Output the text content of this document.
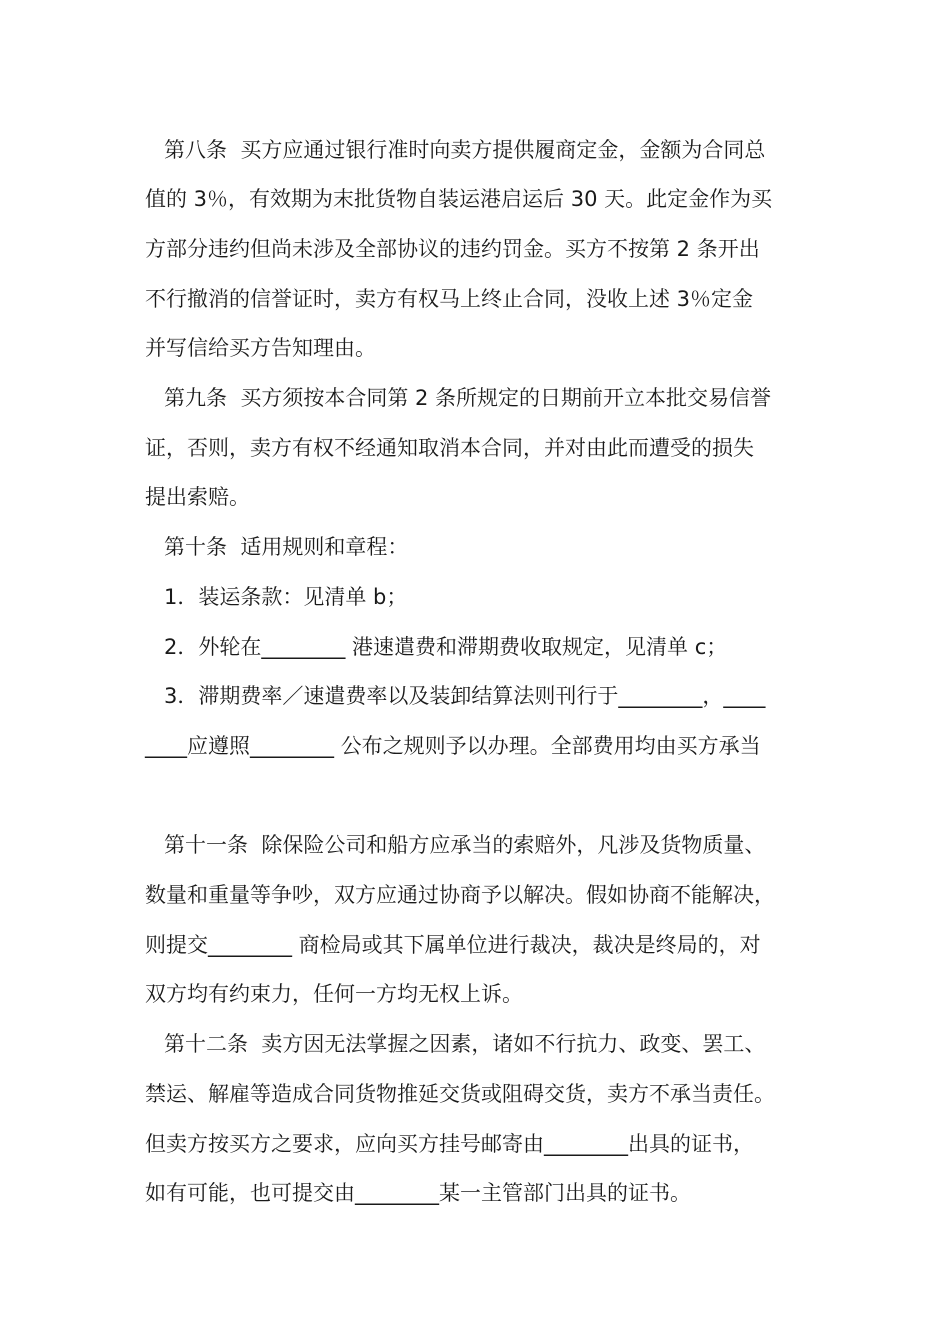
第八条  买方应通过银行准时向卖方提供履商定金，金额为合同总
值的 3％，有效期为末批货物自装运港启运后 30 天。此定金作为买
方部分违约但尚未涉及全部协议的违约罚金。买方不按第 2 条开出
不行撤消的信誉证时，卖方有权马上终止合同，没收上述 3％定金
并写信给买方告知理由。
第九条  买方须按本合同第 2 条所规定的日期前开立本批交易信誉
证，否则，卖方有权不经通知取消本合同，并对由此而遭受的损失
提出索赔。
第十条  适用规则和章程：
1．装运条款：见清单 b；
2．外轮在________ 港速遣费和滞期费收取规定，见清单 c；
3．滞期费率／速遣费率以及装卸结算法则刊行于________，____
____应遵照________ 公布之规则予以办理。全部费用均由买方承当
第十一条  除保险公司和船方应承当的索赔外，凡涉及货物质量、
数量和重量等争吵，双方应通过协商予以解决。假如协商不能解决，
则提交________ 商检局或其下属单位进行裁决，裁决是终局的，对
双方均有约束力，任何一方均无权上诉。
第十二条  卖方因无法掌握之因素，诸如不行抗力、政变、罢工、
禁运、解雇等造成合同货物推延交货或阻碍交货，卖方不承当责任。
但卖方按买方之要求，应向买方挂号邮寄由________出具的证书，
如有可能，也可提交由________某一主管部门出具的证书。
